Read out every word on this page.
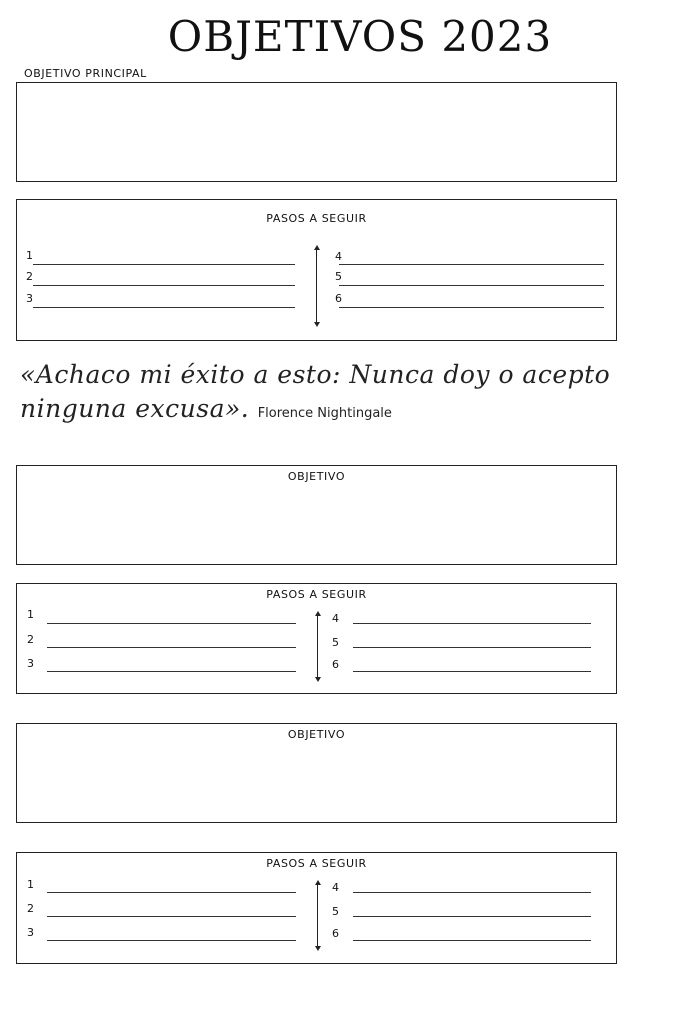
OBJETIVOS 2023
OBJETIVO PRINCIPAL
PASOS A SEGUIR
1
2
3
4
5
6
«Achaco mi éxito a esto: Nunca doy o acepto ninguna excusa». Florence Nightingale
OBJETIVO
PASOS A SEGUIR
1
2
3
4
5
6
OBJETIVO
PASOS A SEGUIR
1
2
3
4
5
6
